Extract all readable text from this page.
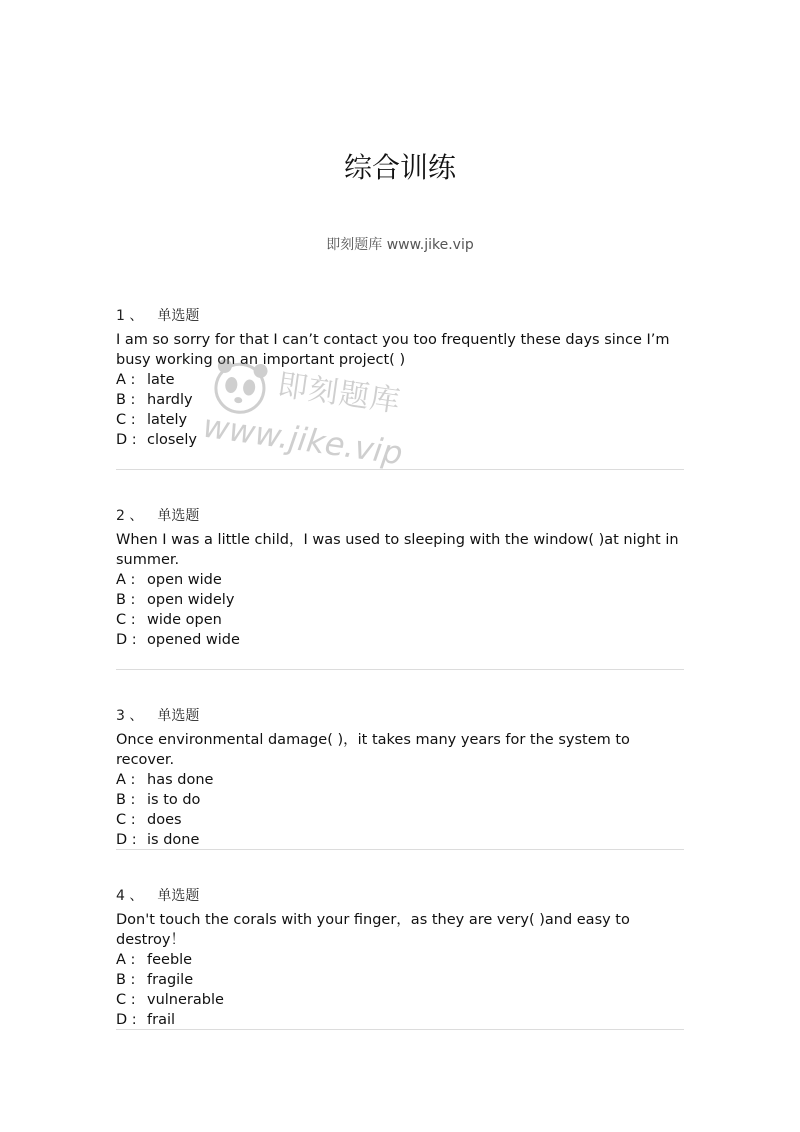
综合训练
即刻题库 www.jike.vip
1 、 单选题
I am so sorry for that I can’t contact you too frequently these days since I’m busy working on an important project( )
A : late
B : hardly
C : lately
D : closely
2 、 单选题
When I was a little child，I was used to sleeping with the window( )at night in summer.
A : open wide
B : open widely
C : wide open
D : opened wide
3 、 单选题
Once environmental damage( )，it takes many years for the system to recover.
A : has done
B : is to do
C : does
D : is done
4 、 单选题
Don't touch the corals with your finger，as they are very( )and easy to destroy！
A : feeble
B : fragile
C : vulnerable
D : frail
即刻题库
www.jike.vip
